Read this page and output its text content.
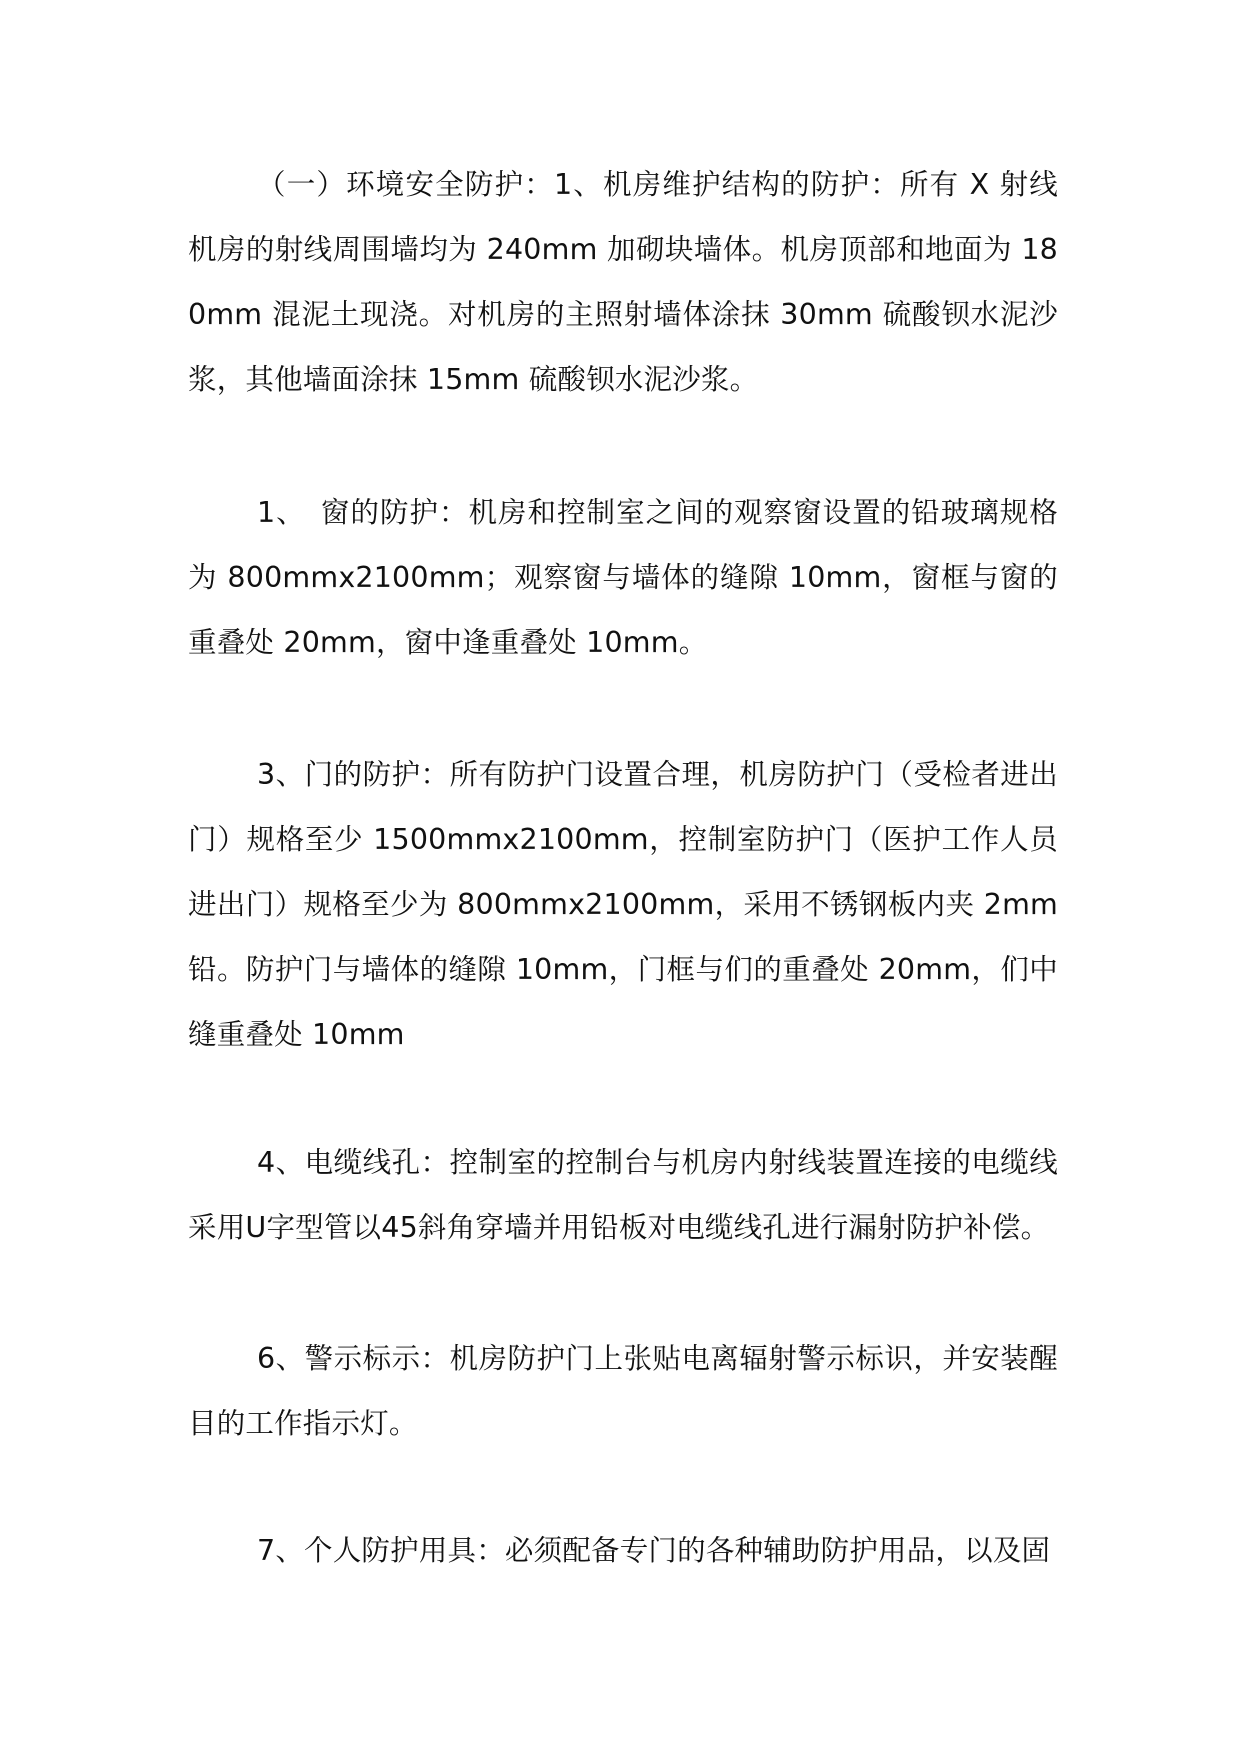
（一）环境安全防护：1、机房维护结构的防护：所有 X 射线机房的射线周围墙均为 240mm 加砌块墙体。机房顶部和地面为 180mm 混泥土现浇。对机房的主照射墙体涂抹 30mm 硫酸钡水泥沙浆，其他墙面涂抹 15mm 硫酸钡水泥沙浆。

1、　窗的防护：机房和控制室之间的观察窗设置的铅玻璃规格为 800mmx2100mm；观察窗与墙体的缝隙 10mm，窗框与窗的重叠处 20mm，窗中逢重叠处 10mm。

3、门的防护：所有防护门设置合理，机房防护门（受检者进出门）规格至少 1500mmx2100mm，控制室防护门（医护工作人员进出门）规格至少为 800mmx2100mm，采用不锈钢板内夹 2mm 铅。防护门与墙体的缝隙 10mm，门框与们的重叠处 20mm，们中缝重叠处 10mm

4、电缆线孔：控制室的控制台与机房内射线装置连接的电缆线采用U字型管以45斜角穿墙并用铅板对电缆线孔进行漏射防护补偿。

6、警示标示：机房防护门上张贴电离辐射警示标识，并安装醒目的工作指示灯。

7、个人防护用具：必须配备专门的各种辅助防护用品，以及固
